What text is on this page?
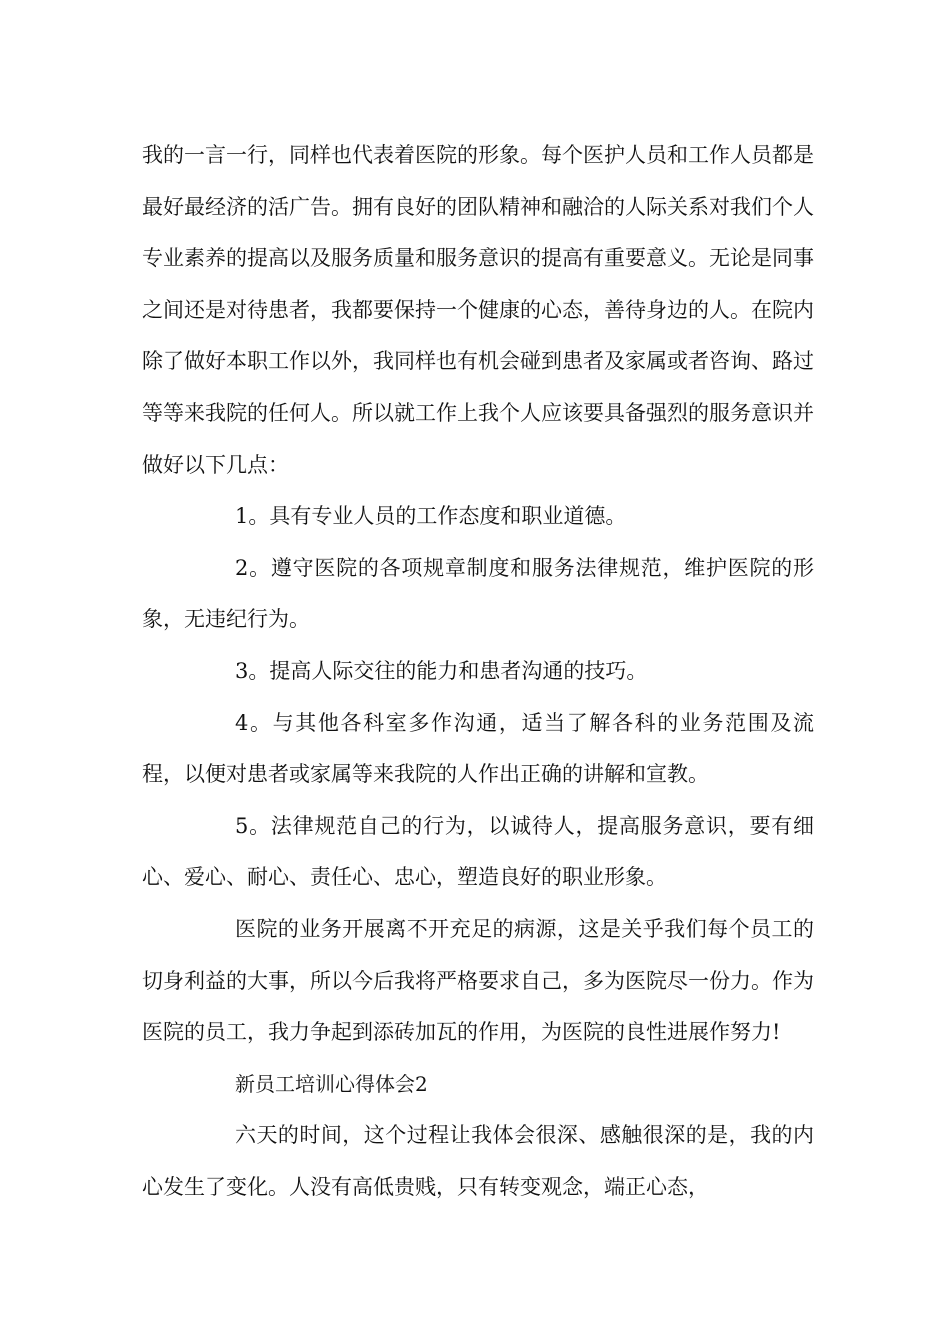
我的一言一行，同样也代表着医院的形象。每个医护人员和工作人员都是最好最经济的活广告。拥有良好的团队精神和融洽的人际关系对我们个人专业素养的提高以及服务质量和服务意识的提高有重要意义。无论是同事之间还是对待患者，我都要保持一个健康的心态，善待身边的人。在院内除了做好本职工作以外，我同样也有机会碰到患者及家属或者咨询、路过等等来我院的任何人。所以就工作上我个人应该要具备强烈的服务意识并做好以下几点：

1。具有专业人员的工作态度和职业道德。

2。遵守医院的各项规章制度和服务法律规范，维护医院的形象，无违纪行为。

3。提高人际交往的能力和患者沟通的技巧。

4。与其他各科室多作沟通，适当了解各科的业务范围及流程，以便对患者或家属等来我院的人作出正确的讲解和宣教。

5。法律规范自己的行为，以诚待人，提高服务意识，要有细心、爱心、耐心、责任心、忠心，塑造良好的职业形象。

医院的业务开展离不开充足的病源，这是关乎我们每个员工的切身利益的大事，所以今后我将严格要求自己，多为医院尽一份力。作为医院的员工，我力争起到添砖加瓦的作用，为医院的良性进展作努力!

新员工培训心得体会2

六天的时间，这个过程让我体会很深、感触很深的是，我的内心发生了变化。人没有高低贵贱，只有转变观念，端正心态，
